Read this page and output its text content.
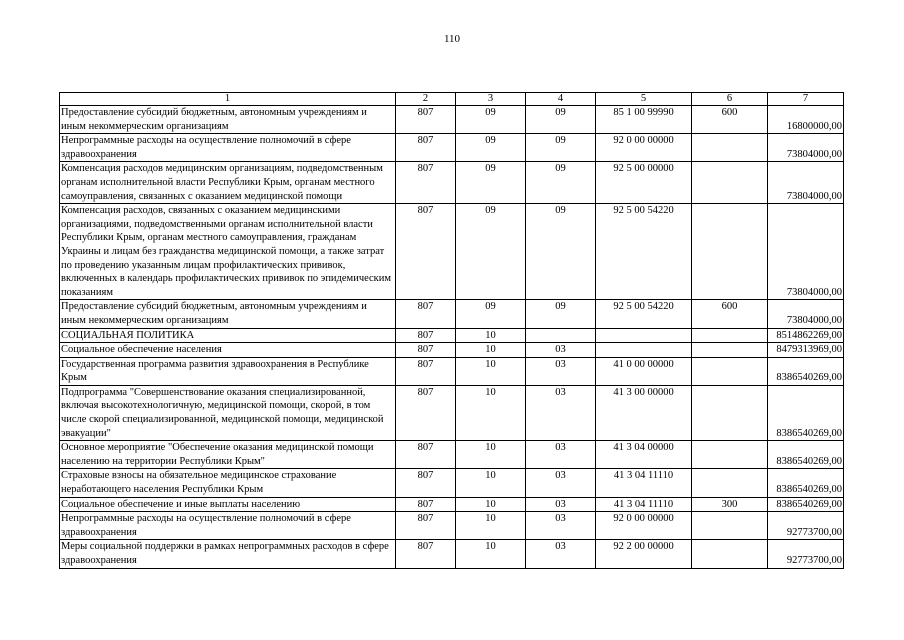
110
1	2	3	4	5	6	7
Предоставление субсидий бюджетным, автономным учреждениям и иным некоммерческим организациям	807	09	09	85 1 00 99990	600	16800000,00
Непрограммные расходы на осуществление полномочий в сфере здравоохранения	807	09	09	92 0 00 00000		73804000,00
Компенсация расходов медицинским организациям, подведомственным органам исполнительной власти Республики Крым, органам местного самоуправления, связанных с оказанием медицинской помощи	807	09	09	92 5 00 00000		73804000,00
Компенсация расходов, связанных с оказанием медицинскими организациями, подведомственными органам исполнительной власти Республики Крым, органам местного самоуправления, гражданам Украины и лицам без гражданства медицинской помощи, а также затрат по проведению указанным лицам профилактических прививок, включенных в календарь профилактических прививок по эпидемическим показаниям	807	09	09	92 5 00 54220		73804000,00
Предоставление субсидий бюджетным, автономным учреждениям и иным некоммерческим организациям	807	09	09	92 5 00 54220	600	73804000,00
СОЦИАЛЬНАЯ ПОЛИТИКА	807	10				8514862269,00
Социальное обеспечение населения	807	10	03			8479313969,00
Государственная программа развития здравоохранения в Республике Крым	807	10	03	41 0 00 00000		8386540269,00
Подпрограмма "Совершенствование оказания специализированной, включая высокотехнологичную, медицинской помощи, скорой, в том числе скорой специализированной, медицинской помощи, медицинской эвакуации"	807	10	03	41 3 00 00000		8386540269,00
Основное мероприятие "Обеспечение оказания медицинской помощи населению на территории Республики Крым"	807	10	03	41 3 04 00000		8386540269,00
Страховые взносы на обязательное медицинское страхование неработающего населения Республики Крым	807	10	03	41 3 04 11110		8386540269,00
Социальное обеспечение и иные выплаты населению	807	10	03	41 3 04 11110	300	8386540269,00
Непрограммные расходы на осуществление полномочий в сфере здравоохранения	807	10	03	92 0 00 00000		92773700,00
Меры социальной поддержки в рамках непрограммных расходов в сфере здравоохранения	807	10	03	92 2 00 00000		92773700,00
